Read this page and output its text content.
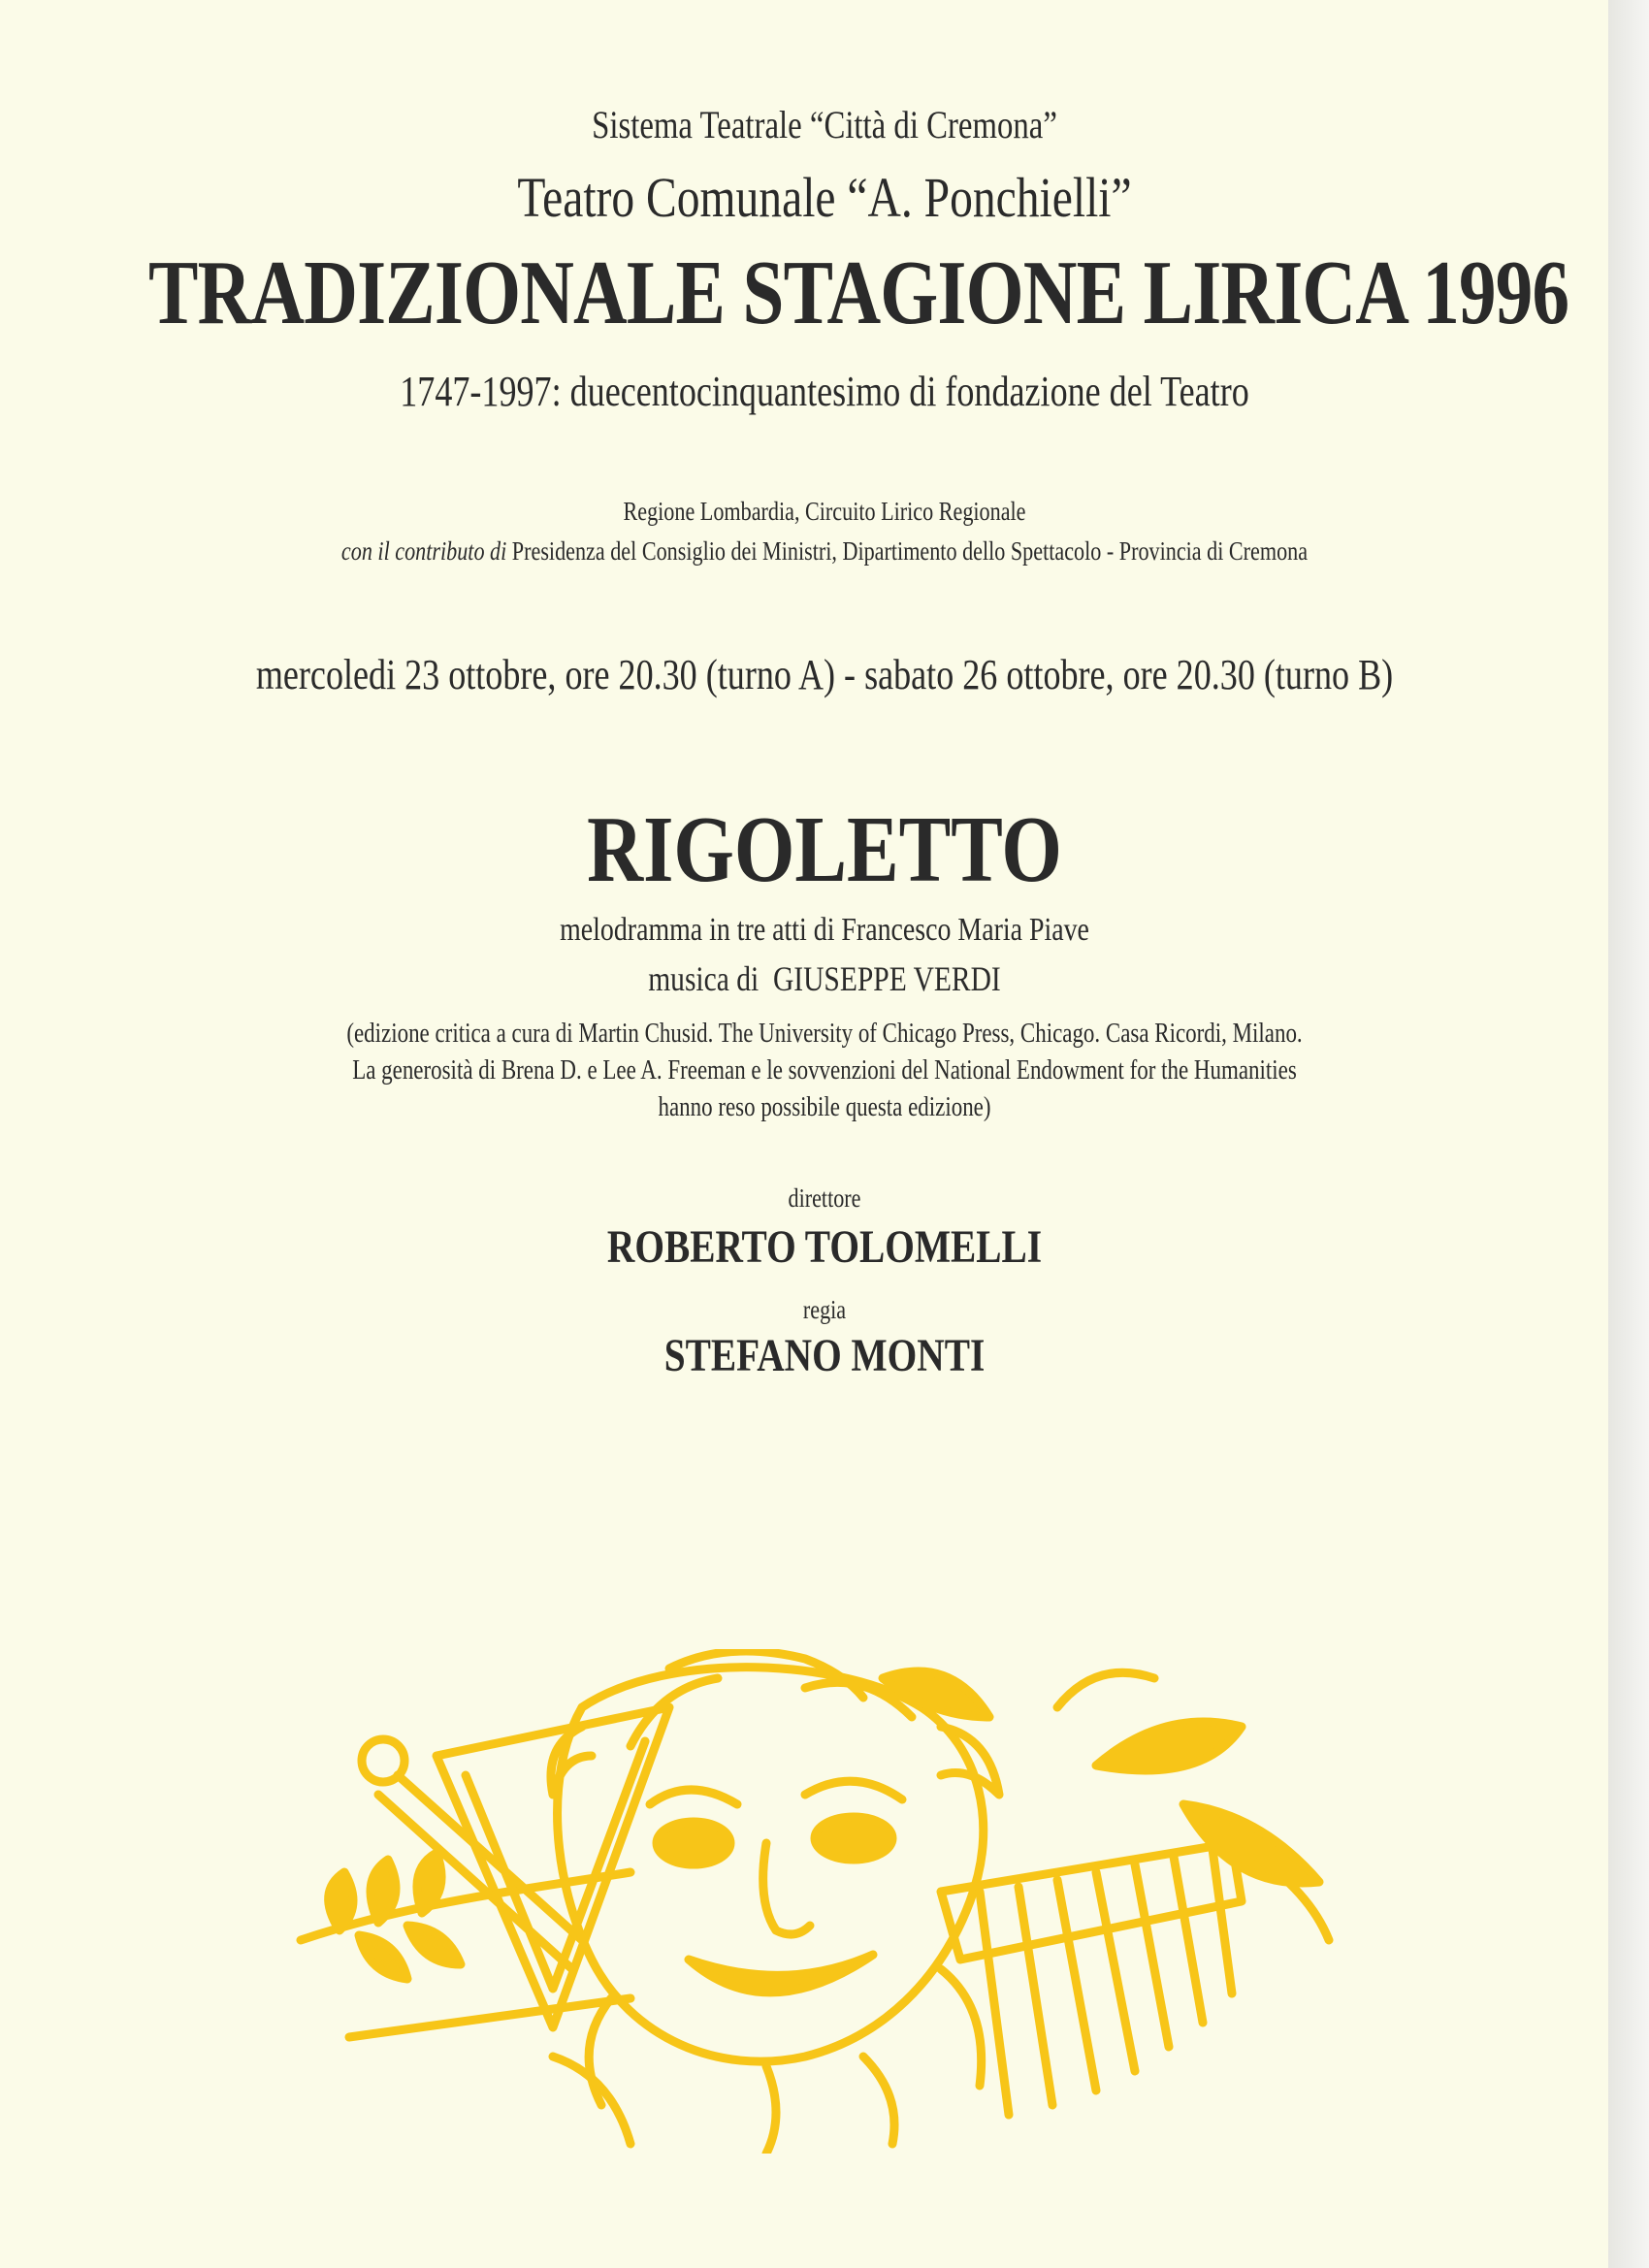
Sistema Teatrale “Città di Cremona”
Teatro Comunale “A. Ponchielli”
TRADIZIONALE STAGIONE LIRICA 1996
1747-1997: duecentocinquantesimo di fondazione del Teatro
Regione Lombardia, Circuito Lirico Regionale
con il contributo di Presidenza del Consiglio dei Ministri, Dipartimento dello Spettacolo - Provincia di Cremona
mercoledi 23 ottobre, ore 20.30 (turno A) - sabato 26 ottobre, ore 20.30 (turno B)
RIGOLETTO
melodramma in tre atti di Francesco Maria Piave
musica di GIUSEPPE VERDI
(edizione critica a cura di Martin Chusid. The University of Chicago Press, Chicago. Casa Ricordi, Milano.
La generosità di Brena D. e Lee A. Freeman e le sovvenzioni del National Endowment for the Humanities
hanno reso possibile questa edizione)
direttore
ROBERTO TOLOMELLI
regia
STEFANO MONTI
